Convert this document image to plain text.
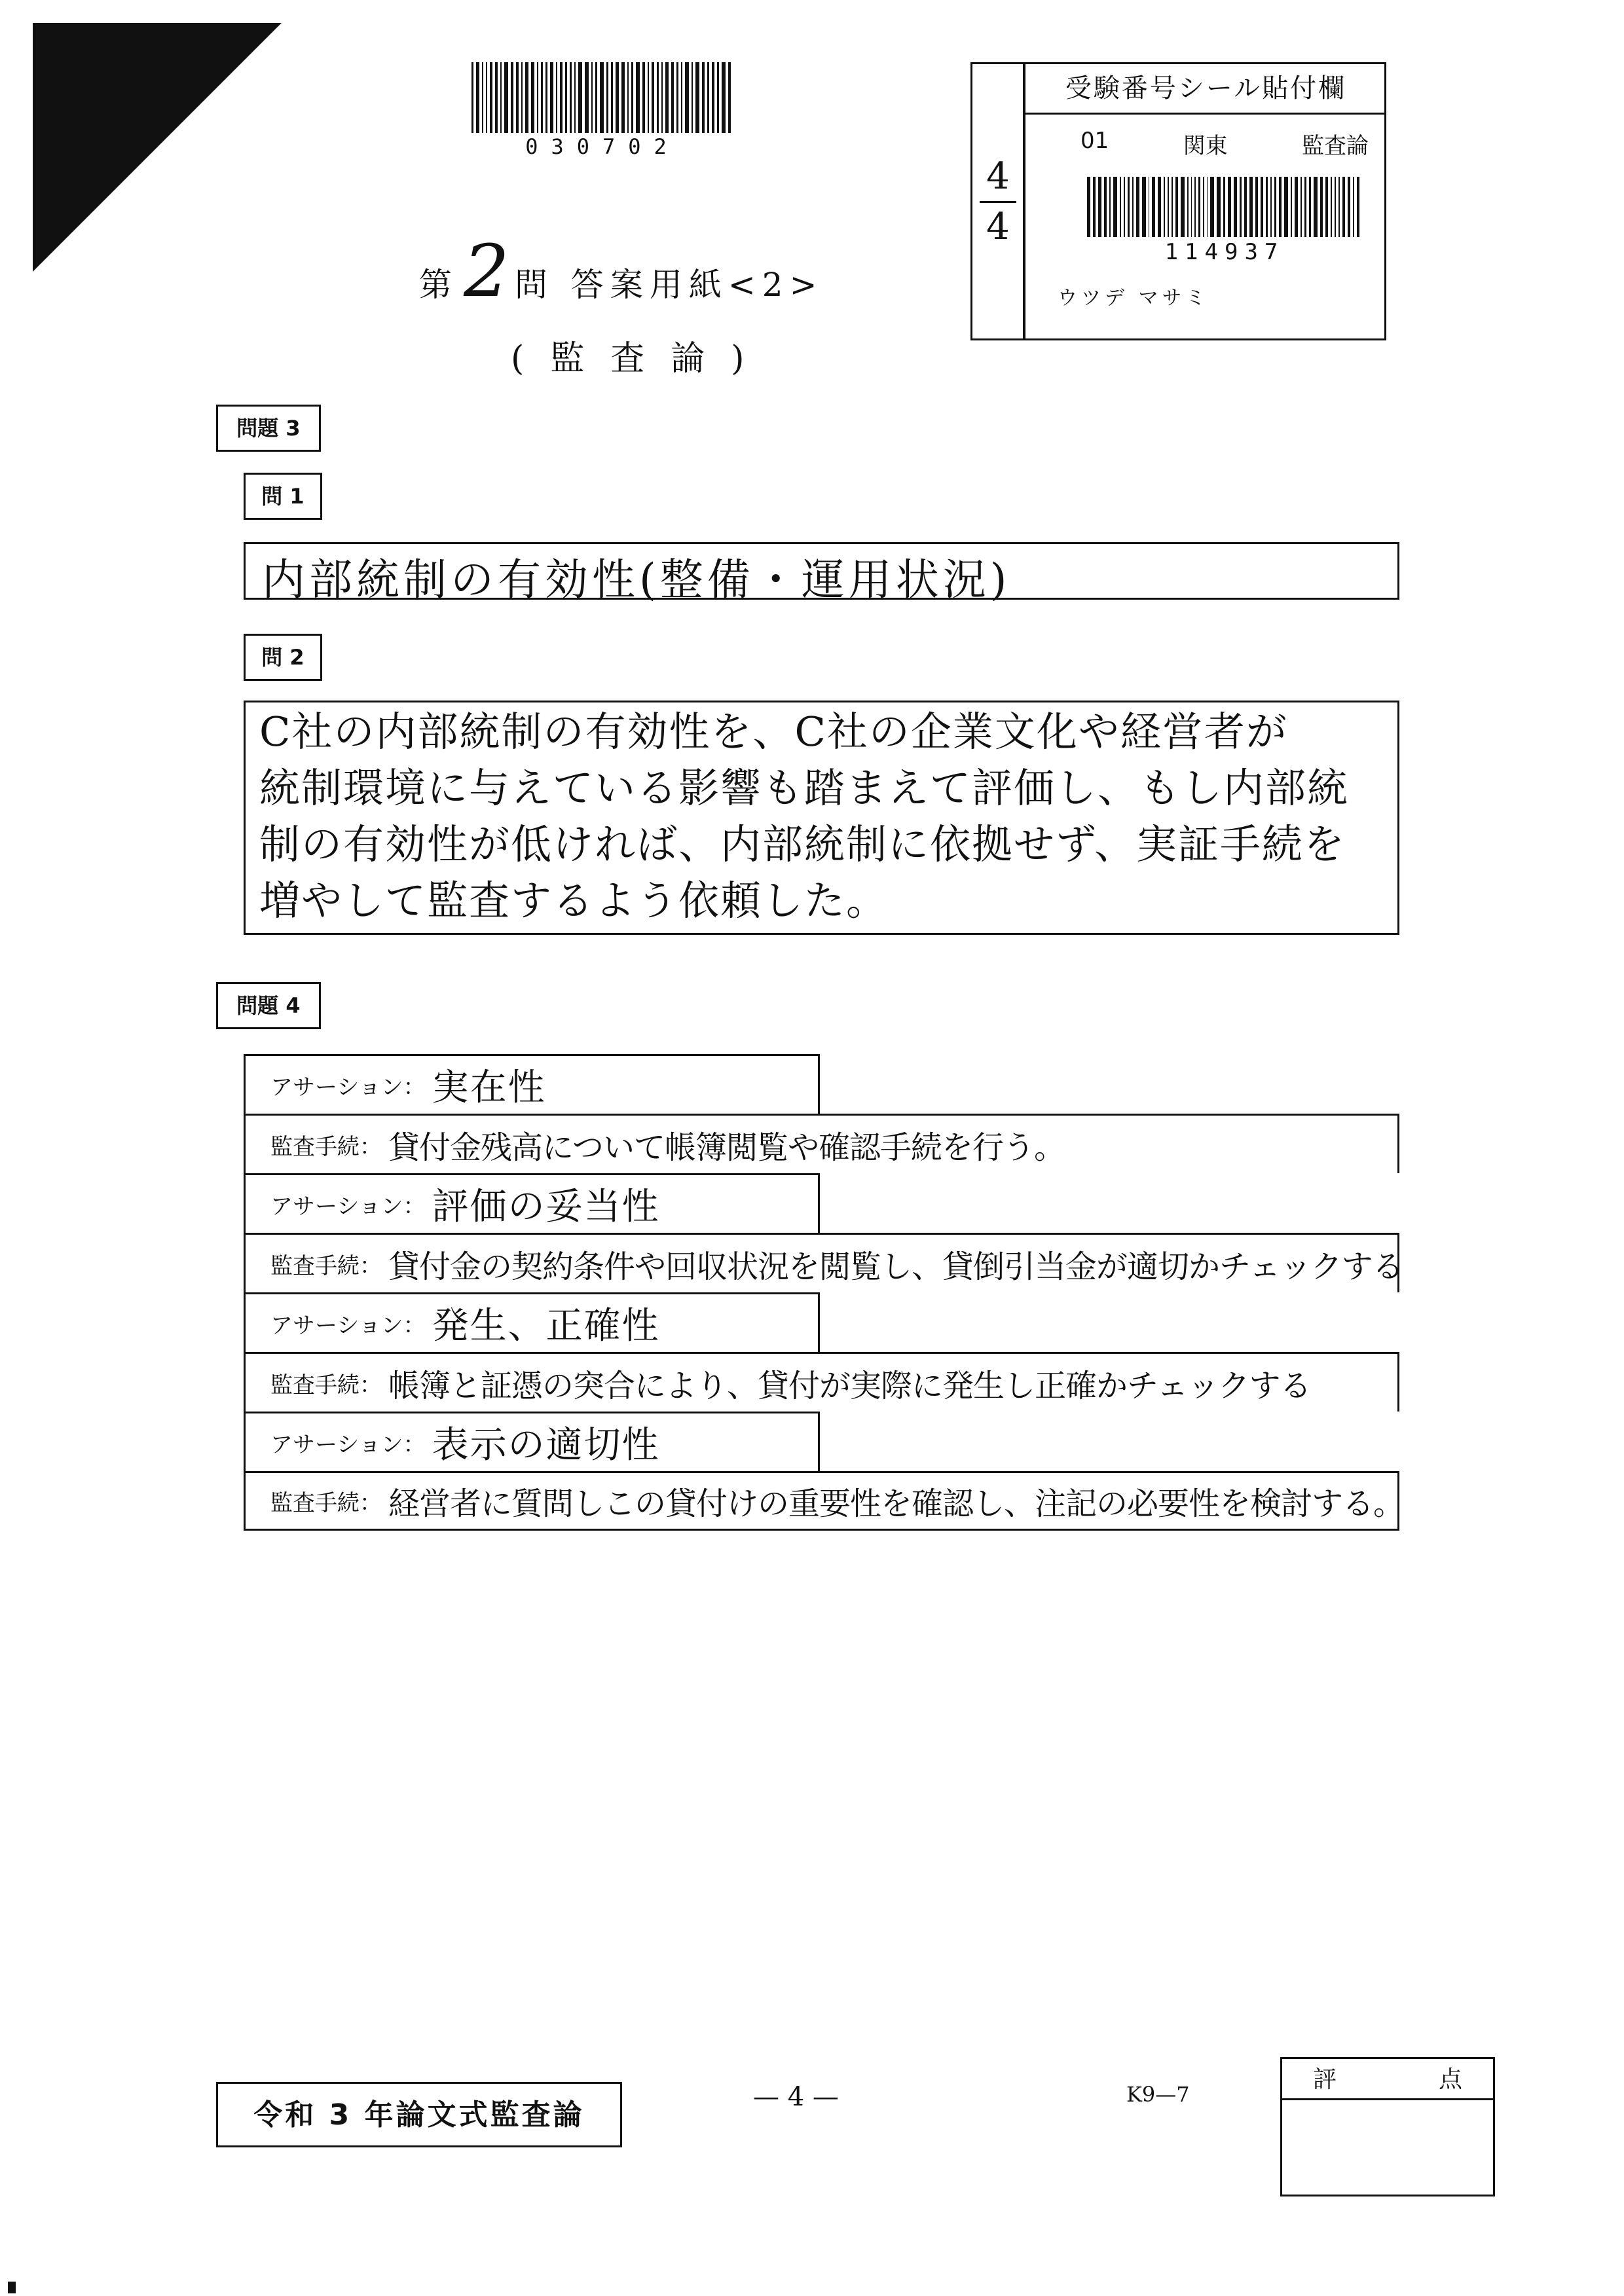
030702
4
4
受験番号シール貼付欄
01	関東	監査論
114937
ウツデ マサミ
第 2 問 答案用紙<2>
(監査論)
問題 3
問 1
内部統制の有効性(整備・運用状況)
問 2
C社の内部統制の有効性を、C社の企業文化や経営者が
統制環境に与えている影響も踏まえて評価し、もし内部統
制の有効性が低ければ、内部統制に依拠せず、実証手続を
増やして監査するよう依頼した。
問題 4
アサーション： 実在性
監査手続： 貸付金残高について帳簿閲覧や確認手続を行う。
アサーション： 評価の妥当性
監査手続： 貸付金の契約条件や回収状況を閲覧し、貸倒引当金が適切かチェックする
アサーション： 発生、正確性
監査手続： 帳簿と証憑の突合により、貸付が実際に発生し正確かチェックする
アサーション： 表示の適切性
監査手続： 経営者に質問しこの貸付けの重要性を確認し、注記の必要性を検討する。
令和 3 年論文式監査論
— 4 —	K9—7
評	点
